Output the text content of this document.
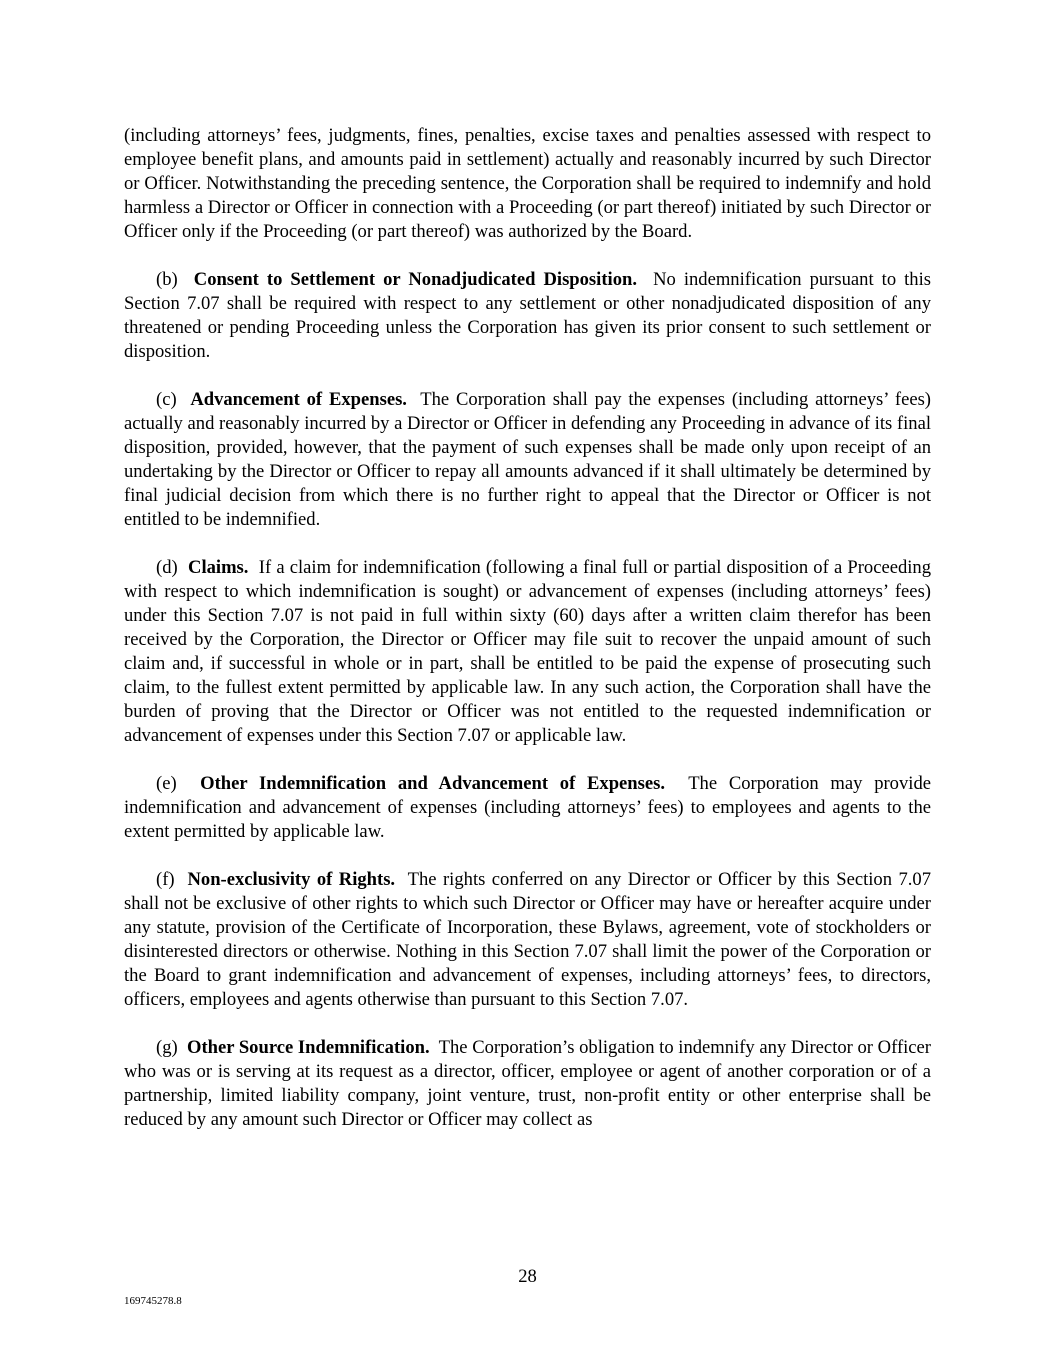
(including attorneys’ fees, judgments, fines, penalties, excise taxes and penalties assessed with respect to employee benefit plans, and amounts paid in settlement) actually and reasonably incurred by such Director or Officer. Notwithstanding the preceding sentence, the Corporation shall be required to indemnify and hold harmless a Director or Officer in connection with a Proceeding (or part thereof) initiated by such Director or Officer only if the Proceeding (or part thereof) was authorized by the Board.

(b) Consent to Settlement or Nonadjudicated Disposition. No indemnification pursuant to this Section 7.07 shall be required with respect to any settlement or other nonadjudicated disposition of any threatened or pending Proceeding unless the Corporation has given its prior consent to such settlement or disposition.

(c) Advancement of Expenses. The Corporation shall pay the expenses (including attorneys’ fees) actually and reasonably incurred by a Director or Officer in defending any Proceeding in advance of its final disposition, provided, however, that the payment of such expenses shall be made only upon receipt of an undertaking by the Director or Officer to repay all amounts advanced if it shall ultimately be determined by final judicial decision from which there is no further right to appeal that the Director or Officer is not entitled to be indemnified.

(d) Claims. If a claim for indemnification (following a final full or partial disposition of a Proceeding with respect to which indemnification is sought) or advancement of expenses (including attorneys’ fees) under this Section 7.07 is not paid in full within sixty (60) days after a written claim therefor has been received by the Corporation, the Director or Officer may file suit to recover the unpaid amount of such claim and, if successful in whole or in part, shall be entitled to be paid the expense of prosecuting such claim, to the fullest extent permitted by applicable law. In any such action, the Corporation shall have the burden of proving that the Director or Officer was not entitled to the requested indemnification or advancement of expenses under this Section 7.07 or applicable law.

(e) Other Indemnification and Advancement of Expenses. The Corporation may provide indemnification and advancement of expenses (including attorneys’ fees) to employees and agents to the extent permitted by applicable law.

(f) Non-exclusivity of Rights. The rights conferred on any Director or Officer by this Section 7.07 shall not be exclusive of other rights to which such Director or Officer may have or hereafter acquire under any statute, provision of the Certificate of Incorporation, these Bylaws, agreement, vote of stockholders or disinterested directors or otherwise. Nothing in this Section 7.07 shall limit the power of the Corporation or the Board to grant indemnification and advancement of expenses, including attorneys’ fees, to directors, officers, employees and agents otherwise than pursuant to this Section 7.07.

(g) Other Source Indemnification. The Corporation’s obligation to indemnify any Director or Officer who was or is serving at its request as a director, officer, employee or agent of another corporation or of a partnership, limited liability company, joint venture, trust, non-profit entity or other enterprise shall be reduced by any amount such Director or Officer may collect as

28
169745278.8
